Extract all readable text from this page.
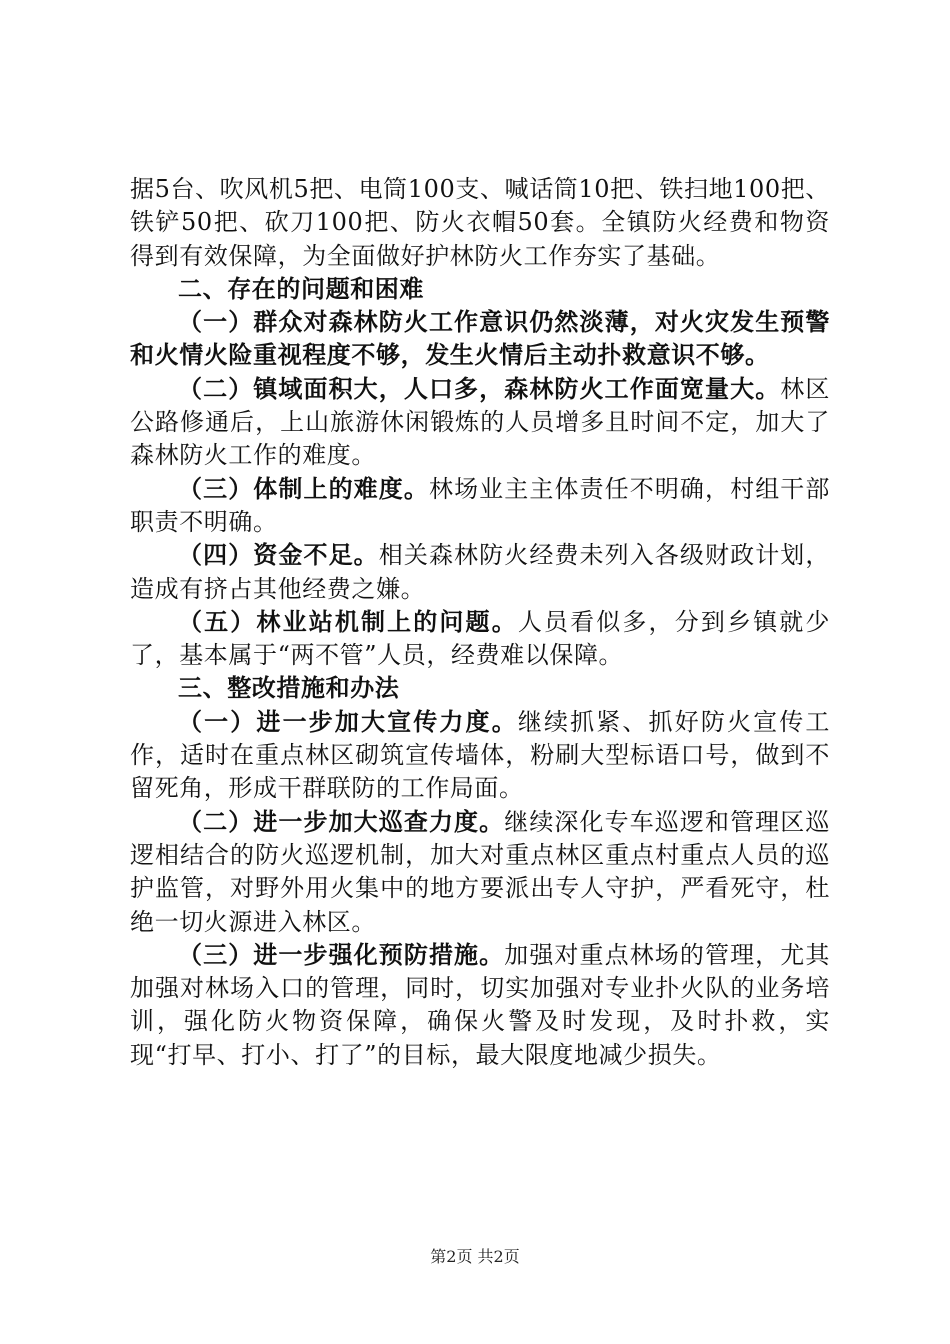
据5台、吹风机5把、电筒100支、喊话筒10把、铁扫地100把、铁铲50把、砍刀100把、防火衣帽50套。全镇防火经费和物资得到有效保障，为全面做好护林防火工作夯实了基础。

二、存在的问题和困难

（一）群众对森林防火工作意识仍然淡薄，对火灾发生预警和火情火险重视程度不够，发生火情后主动扑救意识不够。

（二）镇域面积大，人口多，森林防火工作面宽量大。林区公路修通后，上山旅游休闲锻炼的人员增多且时间不定，加大了森林防火工作的难度。

（三）体制上的难度。林场业主主体责任不明确，村组干部职责不明确。

（四）资金不足。相关森林防火经费未列入各级财政计划，造成有挤占其他经费之嫌。

（五）林业站机制上的问题。人员看似多，分到乡镇就少了，基本属于“两不管”人员，经费难以保障。

三、整改措施和办法

（一）进一步加大宣传力度。继续抓紧、抓好防火宣传工作，适时在重点林区砌筑宣传墙体，粉刷大型标语口号，做到不留死角，形成干群联防的工作局面。

（二）进一步加大巡查力度。继续深化专车巡逻和管理区巡逻相结合的防火巡逻机制，加大对重点林区重点村重点人员的巡护监管，对野外用火集中的地方要派出专人守护，严看死守，杜绝一切火源进入林区。

（三）进一步强化预防措施。加强对重点林场的管理，尤其加强对林场入口的管理，同时，切实加强对专业扑火队的业务培训，强化防火物资保障，确保火警及时发现，及时扑救，实现“打早、打小、打了”的目标，最大限度地减少损失。

第2页 共2页
